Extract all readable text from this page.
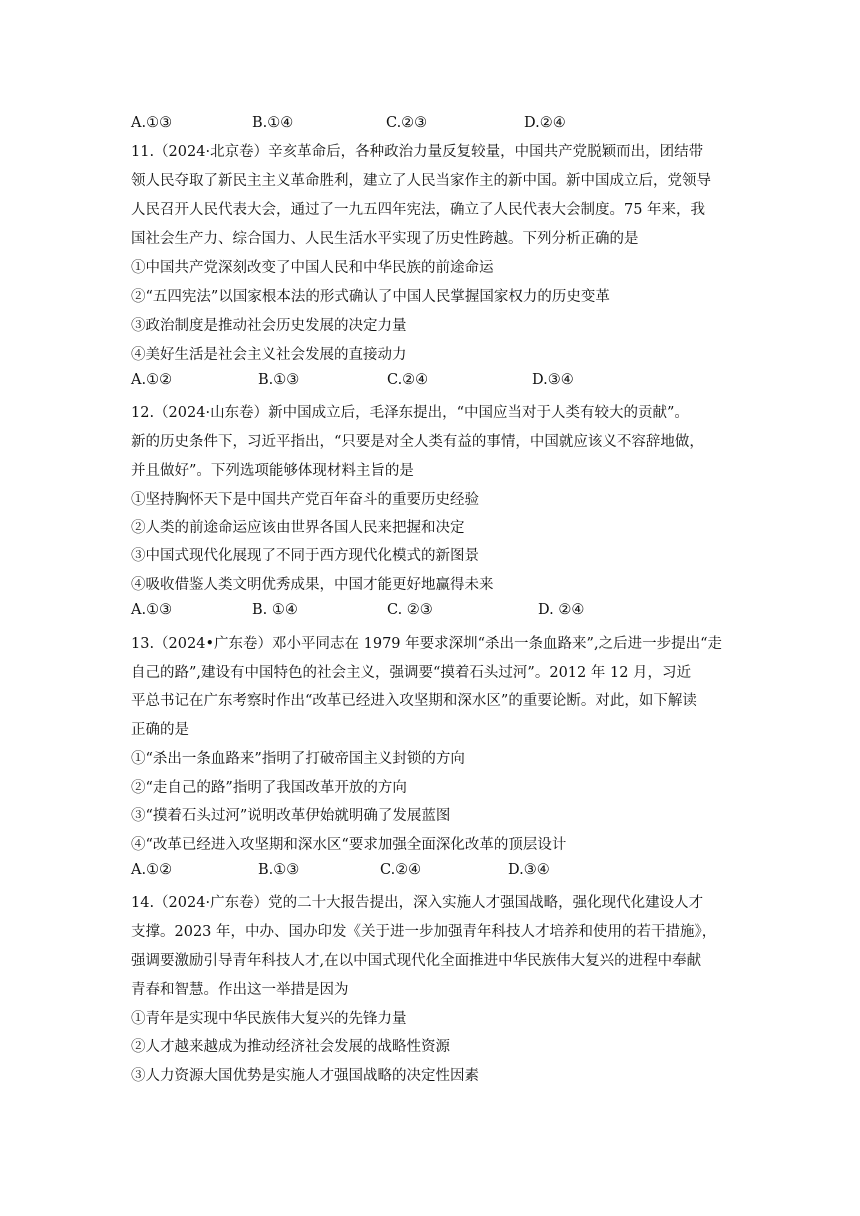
A.①③	B.①④	C.②③	D.②④
11.（2024·北京卷）辛亥革命后，各种政治力量反复较量，中国共产党脱颖而出，团结带
领人民夺取了新民主主义革命胜利，建立了人民当家作主的新中国。新中国成立后，党领导
人民召开人民代表大会，通过了一九五四年宪法，确立了人民代表大会制度。75 年来，我
国社会生产力、综合国力、人民生活水平实现了历史性跨越。下列分析正确的是
①中国共产党深刻改变了中国人民和中华民族的前途命运
②“五四宪法”以国家根本法的形式确认了中国人民掌握国家权力的历史变革
③政治制度是推动社会历史发展的决定力量
④美好生活是社会主义社会发展的直接动力
A.①②	B.①③	C.②④	D.③④
12.（2024·山东卷）新中国成立后，毛泽东提出，“中国应当对于人类有较大的贡献”。
新的历史条件下，习近平指出，“只要是对全人类有益的事情，中国就应该义不容辞地做，
并且做好”。下列选项能够体现材料主旨的是
①坚持胸怀天下是中国共产党百年奋斗的重要历史经验
②人类的前途命运应该由世界各国人民来把握和决定
③中国式现代化展现了不同于西方现代化模式的新图景
④吸收借鉴人类文明优秀成果，中国才能更好地赢得未来
A.①③	B. ①④	C. ②③	D. ②④
13.（2024•广东卷）邓小平同志在 1979 年要求深圳“杀出一条血路来”,之后进一步提出“走
自己的路”,建设有中国特色的社会主义，强调要“摸着石头过河”。2012 年 12 月，习近
平总书记在广东考察时作出“改革已经进入攻坚期和深水区”的重要论断。对此，如下解读
正确的是
①“杀出一条血路来”指明了打破帝国主义封锁的方向
②“走自己的路”指明了我国改革开放的方向
③“摸着石头过河”说明改革伊始就明确了发展蓝图
④“改革已经进入攻坚期和深水区“要求加强全面深化改革的顶层设计
A.①②	B.①③	C.②④	D.③④
14.（2024·广东卷）党的二十大报告提出，深入实施人才强国战略，强化现代化建设人才
支撑。2023 年，中办、国办印发《关于进一步加强青年科技人才培养和使用的若干措施》，
强调要激励引导青年科技人才,在以中国式现代化全面推进中华民族伟大复兴的进程中奉献
青春和智慧。作出这一举措是因为
①青年是实现中华民族伟大复兴的先锋力量
②人才越来越成为推动经济社会发展的战略性资源
③人力资源大国优势是实施人才强国战略的决定性因素
